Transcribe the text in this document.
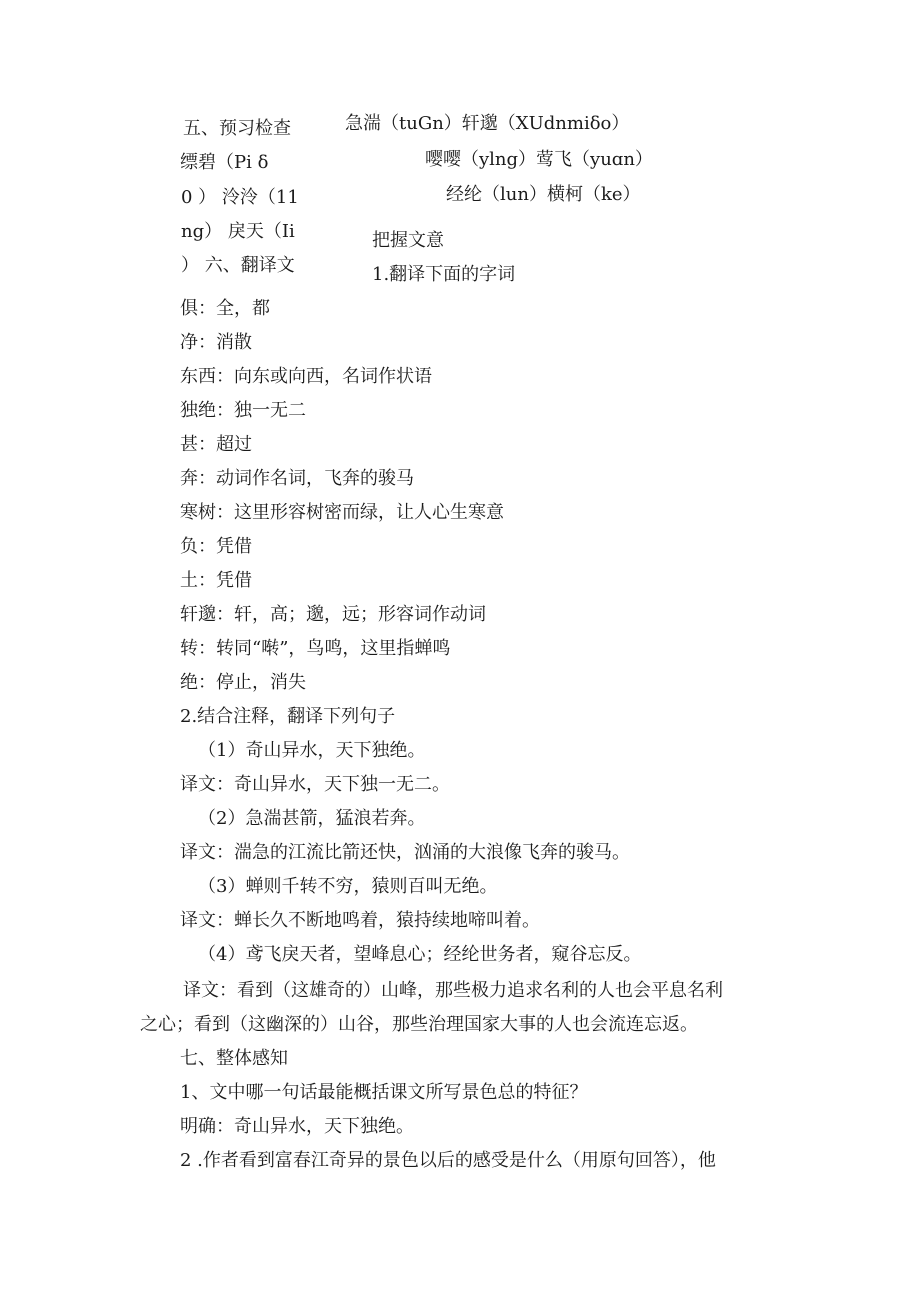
五、预习检查	急湍（tuGn）轩邈（XUdnmiδo）
缥碧（Pi δ	嘤嘤（ylng）莺飞（yuɑn）
0 ） 泠泠（11	经纶（lun）横柯（ke）
ng） 戾天（Ii	把握文意
） 六、翻译文	1.翻译下面的字词
俱：全，都
净：消散
东西：向东或向西，名词作状语
独绝：独一无二
甚：超过
奔：动词作名词，飞奔的骏马
寒树：这里形容树密而绿，让人心生寒意
负：凭借
土：凭借
轩邈：轩，高；邈，远；形容词作动词
转：转同“啭”，鸟鸣，这里指蝉鸣
绝：停止，消失
2.结合注释，翻译下列句子
（1）奇山异水，天下独绝。
译文：奇山异水，天下独一无二。
（2）急湍甚箭，猛浪若奔。
译文：湍急的江流比箭还快，汹涌的大浪像飞奔的骏马。
（3）蝉则千转不穷，猿则百叫无绝。
译文：蝉长久不断地鸣着，猿持续地啼叫着。
（4）鸢飞戾天者，望峰息心；经纶世务者，窥谷忘反。
译文：看到（这雄奇的）山峰，那些极力追求名利的人也会平息名利
之心；看到（这幽深的）山谷，那些治理国家大事的人也会流连忘返。
七、整体感知
1、文中哪一句话最能概括课文所写景色总的特征？
明确：奇山异水，天下独绝。
2 .作者看到富春江奇异的景色以后的感受是什么（用原句回答），他
